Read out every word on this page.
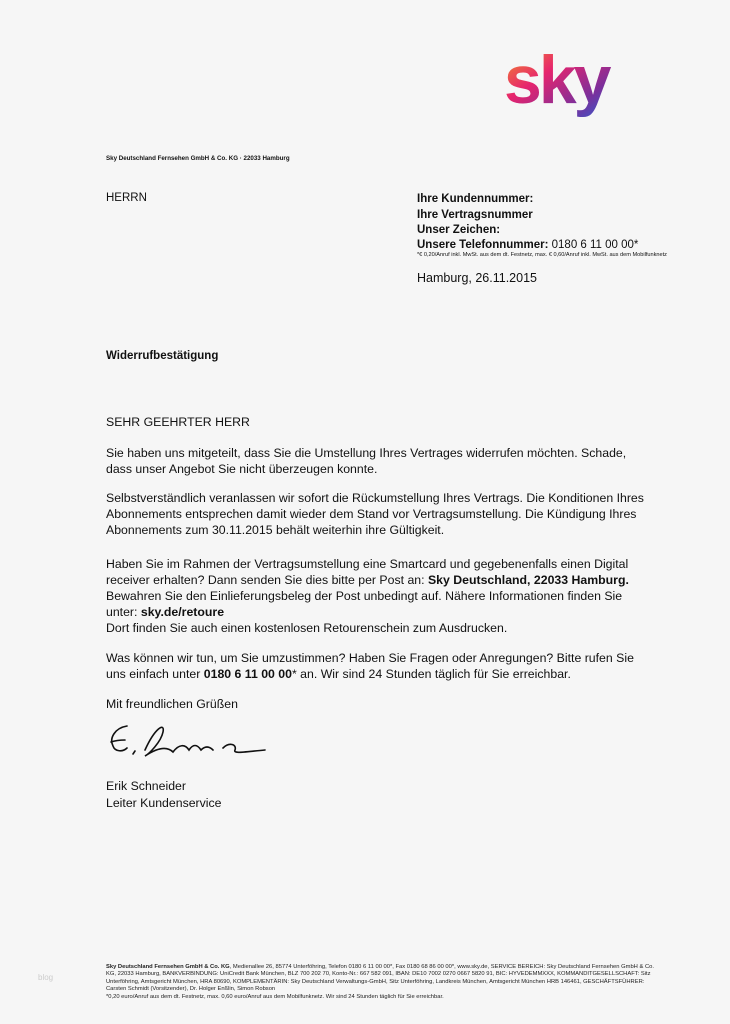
sky
Sky Deutschland Fernsehen GmbH & Co. KG · 22033 Hamburg
HERRN	Ihre Kundennummer:
Ihre Vertragsnummer
Unser Zeichen:
Unsere Telefonnummer: 0180 6 11 00 00*
*€ 0,20/Anruf inkl. MwSt. aus dem dt. Festnetz, max. € 0,60/Anruf inkl. MwSt. aus dem Mobilfunknetz
Hamburg, 26.11.2015
Widerrufbestätigung
SEHR GEEHRTER HERR
Sie haben uns mitgeteilt, dass Sie die Umstellung Ihres Vertrages widerrufen möchten. Schade, dass unser Angebot Sie nicht überzeugen konnte.
Selbstverständlich veranlassen wir sofort die Rückumstellung Ihres Vertrags. Die Konditionen Ihres Abonnements entsprechen damit wieder dem Stand vor Vertragsumstellung. Die Kündigung Ihres Abonnements zum 30.11.2015 behält weiterhin ihre Gültigkeit.
Haben Sie im Rahmen der Vertragsumstellung eine Smartcard und gegebenenfalls einen Digital receiver erhalten? Dann senden Sie dies bitte per Post an: Sky Deutschland, 22033 Hamburg. Bewahren Sie den Einlieferungsbeleg der Post unbedingt auf. Nähere Informationen finden Sie unter: sky.de/retoure
Dort finden Sie auch einen kostenlosen Retourenschein zum Ausdrucken.
Was können wir tun, um Sie umzustimmen? Haben Sie Fragen oder Anregungen? Bitte rufen Sie uns einfach unter 0180 6 11 00 00* an. Wir sind 24 Stunden täglich für Sie erreichbar.
Mit freundlichen Grüßen
Erik Schneider
Leiter Kundenservice
Sky Deutschland Fernsehen GmbH & Co. KG, Medienallee 26, 85774 Unterföhring, Telefon 0180 6 11 00 00*, Fax 0180 68 86 00 00*, www.sky.de, SERVICE BEREICH: Sky Deutschland Fernsehen GmbH & Co. KG, 22033 Hamburg, BANKVERBINDUNG: UniCredit Bank München, BLZ 700 202 70, Konto-Nr.: 667 582 091, IBAN: DE10 7002 0270 0667 5820 91, BIC: HYVEDEMMXXX, KOMMANDITGESELLSCHAFT: Sitz Unterföhring, Amtsgericht München, HRA 80690, KOMPLEMENTÄRIN: Sky Deutschland Verwaltungs-GmbH, Sitz Unterföhring, Landkreis München, Amtsgericht München HRB 146461, GESCHÄFTSFÜHRER: Carsten Schmidt (Vorsitzender), Dr. Holger Enßlin, Simon Robson
*0,20 euro/Anruf aus dem dt. Festnetz, max. 0,60 euro/Anruf aus dem Mobilfunknetz. Wir sind 24 Stunden täglich für Sie erreichbar.
blog
